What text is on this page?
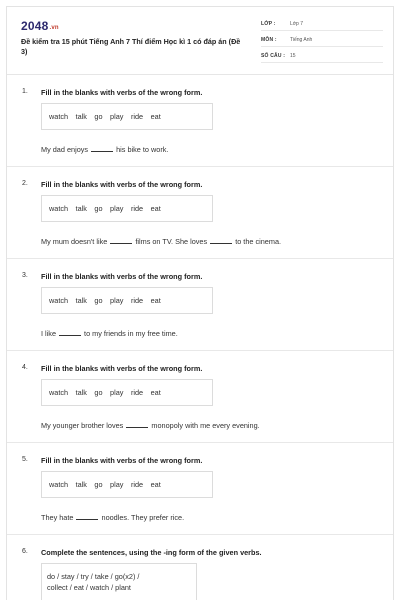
2048.vn
Đề kiểm tra 15 phút Tiếng Anh 7 Thí điểm Học kì 1 có đáp án (Đề 3)
LỚP :	Lớp 7
MÔN :	Tiếng Anh
SỐ CÂU : 15
1. Fill in the blanks with verbs of the wrong form.
watch talk go play ride eat
My dad enjoys	his bike to work.
2. Fill in the blanks with verbs of the wrong form.
watch talk go play ride eat
My mum doesn't like	films on TV. She loves	to the cinema.
3. Fill in the blanks with verbs of the wrong form.
watch talk go play ride eat
I like	to my friends in my free time.
4. Fill in the blanks with verbs of the wrong form.
watch talk go play ride eat
My younger brother loves	monopoly with me every evening.
5. Fill in the blanks with verbs of the wrong form.
watch talk go play ride eat
They hate	noodles. They prefer rice.
6. Complete the sentences, using the -ing form of the given verbs.
do / stay / try / take / go(x2) /
collect / eat / watch / plant
